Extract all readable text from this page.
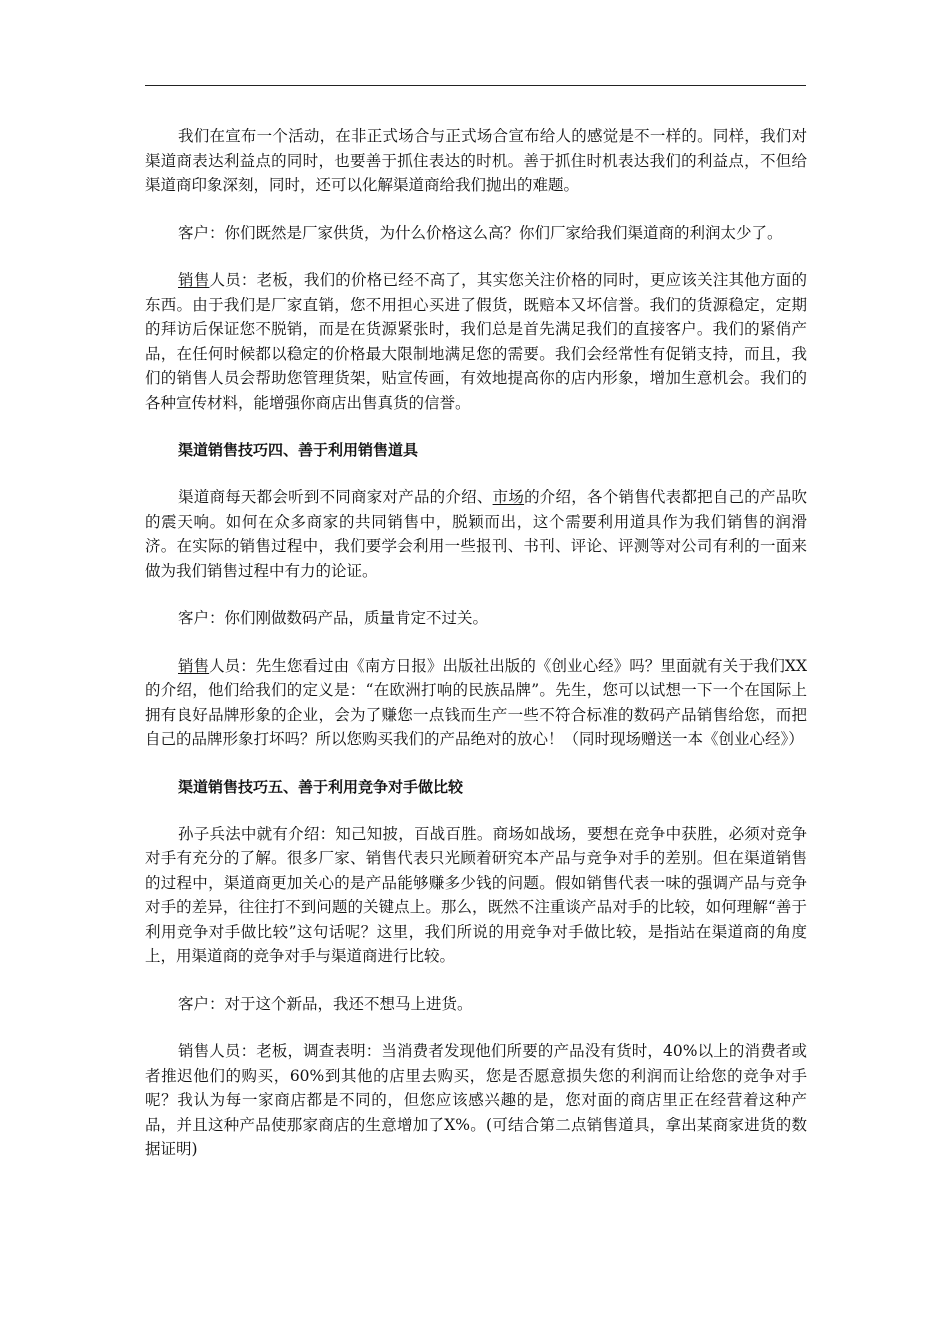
我们在宣布一个活动，在非正式场合与正式场合宣布给人的感觉是不一样的。同样，我们对渠道商表达利益点的同时，也要善于抓住表达的时机。善于抓住时机表达我们的利益点，不但给渠道商印象深刻，同时，还可以化解渠道商给我们抛出的难题。

客户：你们既然是厂家供货，为什么价格这么高？你们厂家给我们渠道商的利润太少了。

销售人员：老板，我们的价格已经不高了，其实您关注价格的同时，更应该关注其他方面的东西。由于我们是厂家直销，您不用担心买进了假货，既赔本又坏信誉。我们的货源稳定，定期的拜访后保证您不脱销，而是在货源紧张时，我们总是首先满足我们的直接客户。我们的紧俏产品，在任何时候都以稳定的价格最大限制地满足您的需要。我们会经常性有促销支持，而且，我们的销售人员会帮助您管理货架，贴宣传画，有效地提高你的店内形象，增加生意机会。我们的各种宣传材料，能增强你商店出售真货的信誉。

渠道销售技巧四、善于利用销售道具

渠道商每天都会听到不同商家对产品的介绍、市场的介绍，各个销售代表都把自己的产品吹的震天响。如何在众多商家的共同销售中，脱颖而出，这个需要利用道具作为我们销售的润滑济。在实际的销售过程中，我们要学会利用一些报刊、书刊、评论、评测等对公司有利的一面来做为我们销售过程中有力的论证。

客户：你们刚做数码产品，质量肯定不过关。

销售人员：先生您看过由《南方日报》出版社出版的《创业心经》吗？里面就有关于我们XX的介绍，他们给我们的定义是：“在欧洲打响的民族品牌”。先生，您可以试想一下一个在国际上拥有良好品牌形象的企业，会为了赚您一点钱而生产一些不符合标准的数码产品销售给您，而把自己的品牌形象打坏吗？所以您购买我们的产品绝对的放心！（同时现场赠送一本《创业心经》）

渠道销售技巧五、善于利用竞争对手做比较

孙子兵法中就有介绍：知己知披，百战百胜。商场如战场，要想在竞争中获胜，必须对竞争对手有充分的了解。很多厂家、销售代表只光顾着研究本产品与竞争对手的差别。但在渠道销售的过程中，渠道商更加关心的是产品能够赚多少钱的问题。假如销售代表一味的强调产品与竞争对手的差异，往往打不到问题的关键点上。那么，既然不注重谈产品对手的比较，如何理解“善于利用竞争对手做比较”这句话呢？这里，我们所说的用竞争对手做比较，是指站在渠道商的角度上，用渠道商的竞争对手与渠道商进行比较。

客户：对于这个新品，我还不想马上进货。

销售人员：老板，调查表明：当消费者发现他们所要的产品没有货时，40%以上的消费者或者推迟他们的购买，60%到其他的店里去购买，您是否愿意损失您的利润而让给您的竞争对手呢？我认为每一家商店都是不同的，但您应该感兴趣的是，您对面的商店里正在经营着这种产品，并且这种产品使那家商店的生意增加了X%。(可结合第二点销售道具，拿出某商家进货的数据证明)
